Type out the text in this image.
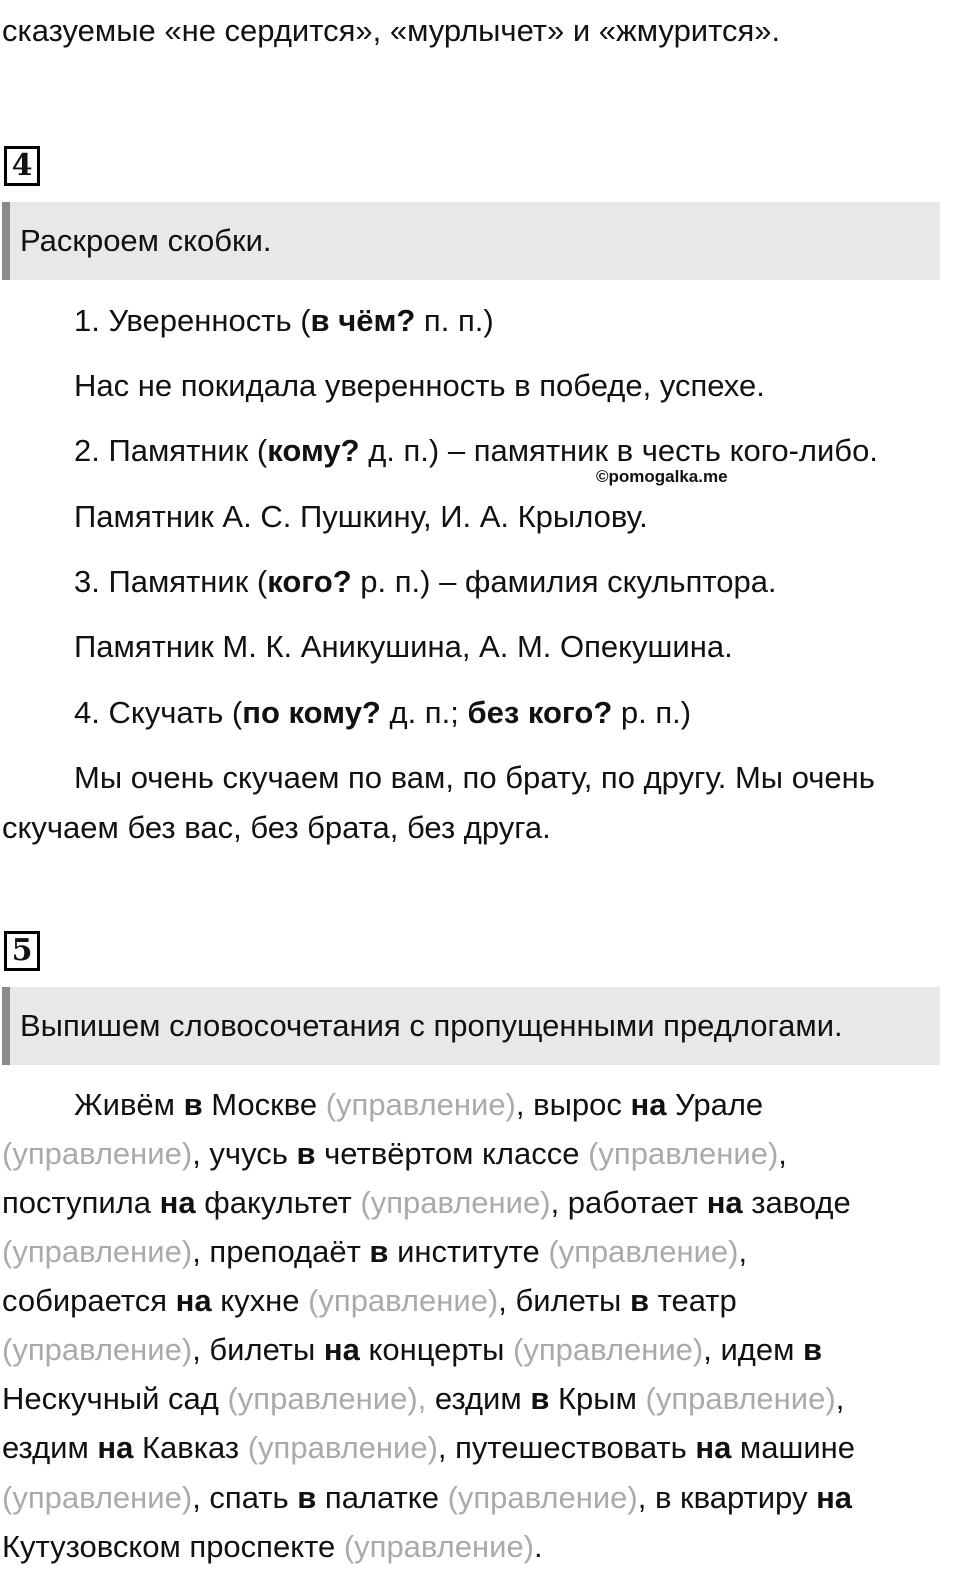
сказуемые «не сердится», «мурлычет» и «жмурится».
4
Раскроем скобки.
1. Уверенность (в чём? п. п.)
Нас не покидала уверенность в победе, успехе.
2. Памятник (кому? д. п.) – памятник в честь кого-либо.
©pomogalka.me
Памятник А. С. Пушкину, И. А. Крылову.
3. Памятник (кого? р. п.) – фамилия скульптора.
Памятник М. К. Аникушина, А. М. Опекушина.
4. Скучать (по кому? д. п.; без кого? р. п.)
Мы очень скучаем по вам, по брату, по другу. Мы очень
скучаем без вас, без брата, без друга.
5
Выпишем словосочетания с пропущенными предлогами.
Живём в Москве (управление), вырос на Урале
(управление), учусь в четвёртом классе (управление),
поступила на факультет (управление), работает на заводе
(управление), преподаёт в институте (управление),
собирается на кухне (управление), билеты в театр
(управление), билеты на концерты (управление), идем в
Нескучный сад (управление), ездим в Крым (управление),
ездим на Кавказ (управление), путешествовать на машине
(управление), спать в палатке (управление), в квартиру на
Кутузовском проспекте (управление).
